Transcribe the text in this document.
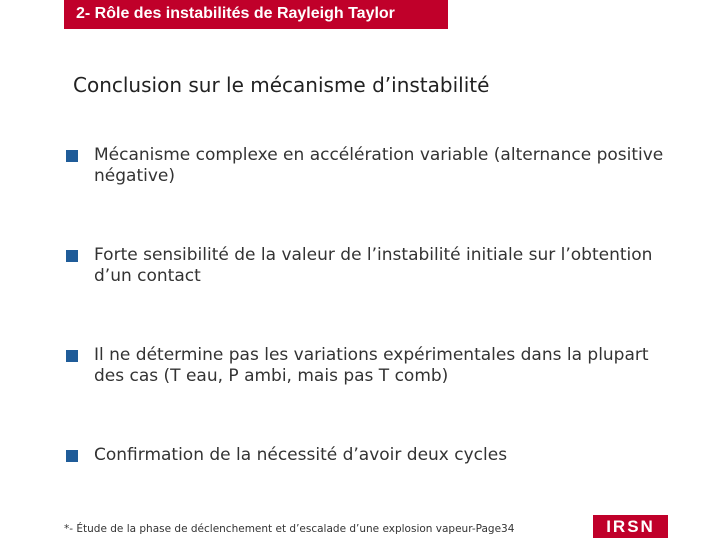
2- Rôle des instabilités de Rayleigh Taylor
Conclusion sur le mécanisme d’instabilité
Mécanisme complexe en accélération variable (alternance positive négative)
Forte sensibilité de la valeur de l’instabilité initiale sur l’obtention d’un contact
Il ne détermine pas les variations expérimentales dans la plupart des cas (T eau, P ambi, mais pas T comb)
Confirmation de la nécessité d’avoir deux cycles
*- Étude de la phase de déclenchement et d’escalade d’une explosion vapeur-Page34	IRSN
